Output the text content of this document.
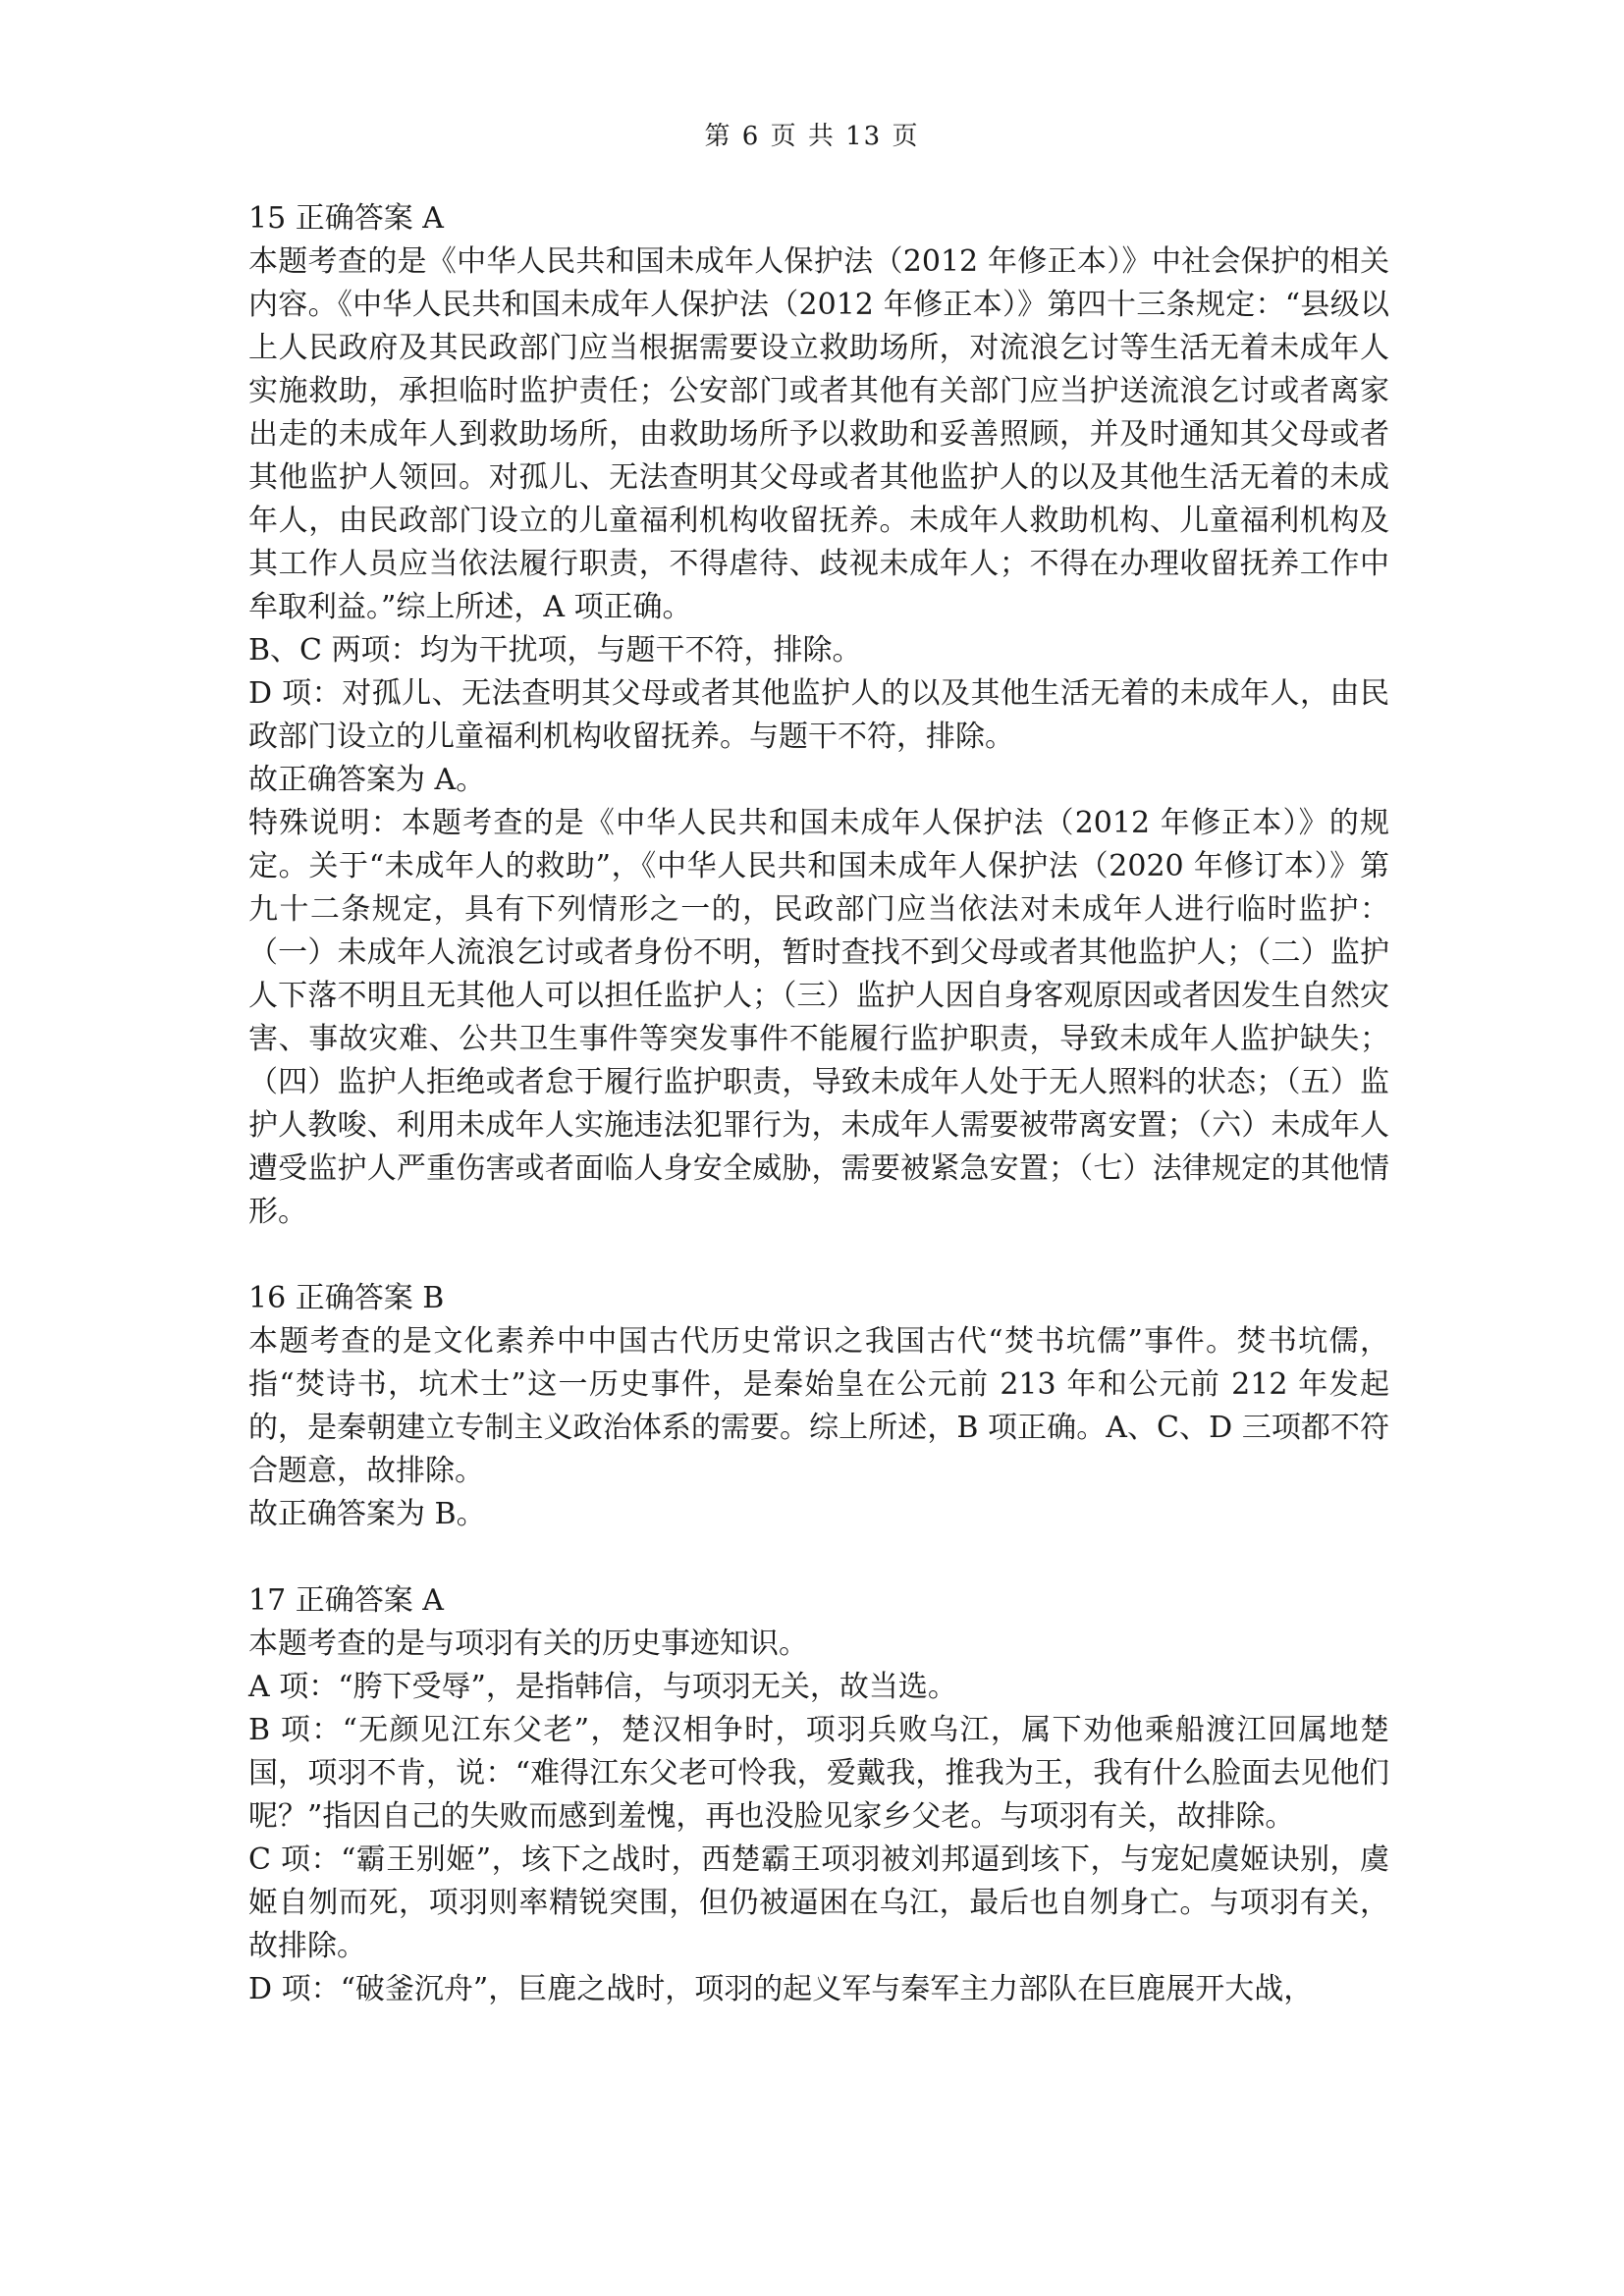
第 6 页 共 13 页

15 正确答案 A

本题考查的是《中华人民共和国未成年人保护法（2012 年修正本）》中社会保护的相关内容。《中华人民共和国未成年人保护法（2012 年修正本）》第四十三条规定：“县级以上人民政府及其民政部门应当根据需要设立救助场所，对流浪乞讨等生活无着未成年人实施救助，承担临时监护责任；公安部门或者其他有关部门应当护送流浪乞讨或者离家出走的未成年人到救助场所，由救助场所予以救助和妥善照顾，并及时通知其父母或者其他监护人领回。对孤儿、无法查明其父母或者其他监护人的以及其他生活无着的未成年人，由民政部门设立的儿童福利机构收留抚养。未成年人救助机构、儿童福利机构及其工作人员应当依法履行职责，不得虐待、歧视未成年人；不得在办理收留抚养工作中牟取利益。”综上所述，A 项正确。

B、C 两项：均为干扰项，与题干不符，排除。

D 项：对孤儿、无法查明其父母或者其他监护人的以及其他生活无着的未成年人，由民政部门设立的儿童福利机构收留抚养。与题干不符，排除。

故正确答案为 A。

特殊说明：本题考查的是《中华人民共和国未成年人保护法（2012 年修正本）》的规定。关于“未成年人的救助”，《中华人民共和国未成年人保护法（2020 年修订本）》第九十二条规定，具有下列情形之一的，民政部门应当依法对未成年人进行临时监护：（一）未成年人流浪乞讨或者身份不明，暂时查找不到父母或者其他监护人；（二）监护人下落不明且无其他人可以担任监护人；（三）监护人因自身客观原因或者因发生自然灾害、事故灾难、公共卫生事件等突发事件不能履行监护职责，导致未成年人监护缺失；（四）监护人拒绝或者怠于履行监护职责，导致未成年人处于无人照料的状态；（五）监护人教唆、利用未成年人实施违法犯罪行为，未成年人需要被带离安置；（六）未成年人遭受监护人严重伤害或者面临人身安全威胁，需要被紧急安置；（七）法律规定的其他情形。

16 正确答案 B

本题考查的是文化素养中中国古代历史常识之我国古代“焚书坑儒”事件。焚书坑儒，指“焚诗书，坑术士”这一历史事件，是秦始皇在公元前 213 年和公元前 212 年发起的，是秦朝建立专制主义政治体系的需要。综上所述，B 项正确。A、C、D 三项都不符合题意，故排除。

故正确答案为 B。

17 正确答案 A

本题考查的是与项羽有关的历史事迹知识。

A 项：“胯下受辱”，是指韩信，与项羽无关，故当选。

B 项：“无颜见江东父老”，楚汉相争时，项羽兵败乌江，属下劝他乘船渡江回属地楚国，项羽不肯，说：“难得江东父老可怜我，爱戴我，推我为王，我有什么脸面去见他们呢？”指因自己的失败而感到羞愧，再也没脸见家乡父老。与项羽有关，故排除。

C 项：“霸王别姬”，垓下之战时，西楚霸王项羽被刘邦逼到垓下，与宠妃虞姬诀别，虞姬自刎而死，项羽则率精锐突围，但仍被逼困在乌江，最后也自刎身亡。与项羽有关，故排除。

D 项：“破釜沉舟”，巨鹿之战时，项羽的起义军与秦军主力部队在巨鹿展开大战，
